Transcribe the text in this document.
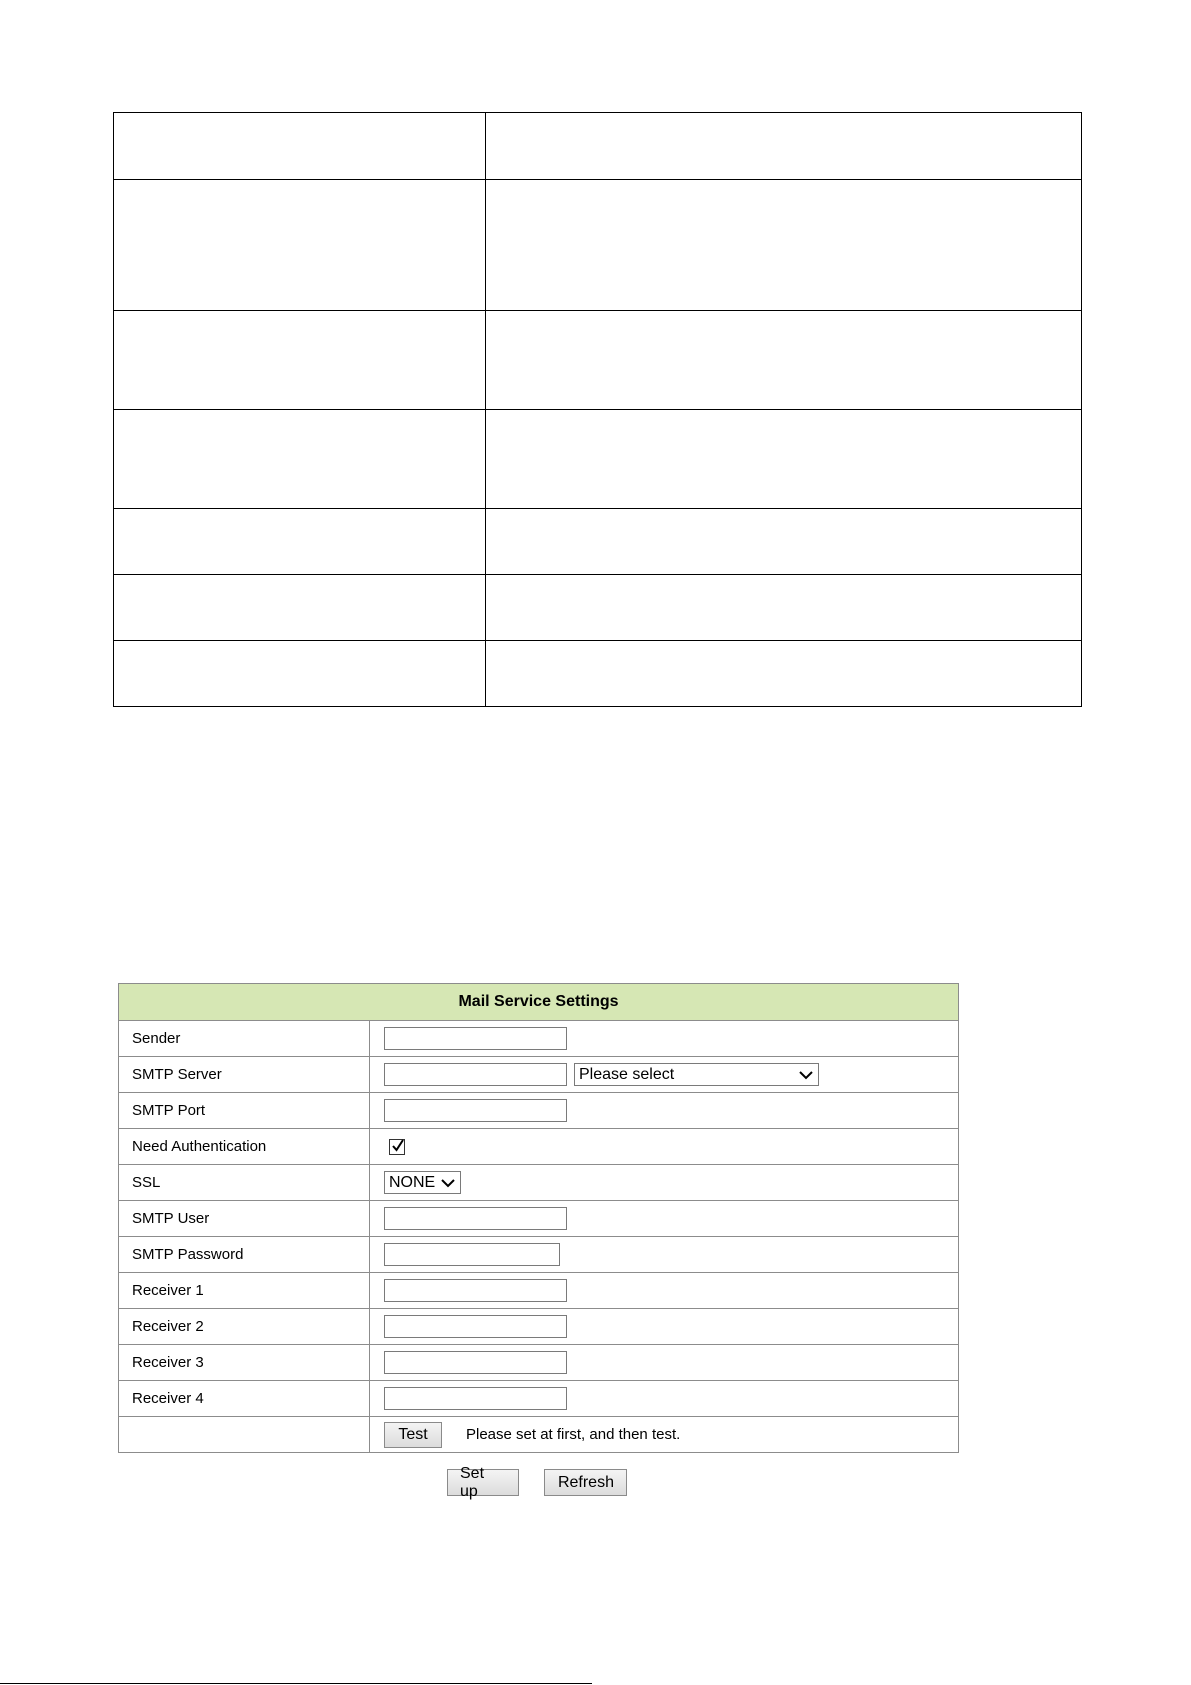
Mail Service Settings	
Sender	
SMTP Server	Please select

SMTP Port	
Need Authentication	

SSL	NONE

SMTP User	
SMTP Password	
Receiver 1	
Receiver 2	
Receiver 3	
Receiver 4	
	Test Please set at first, and then test.
Set up Refresh
